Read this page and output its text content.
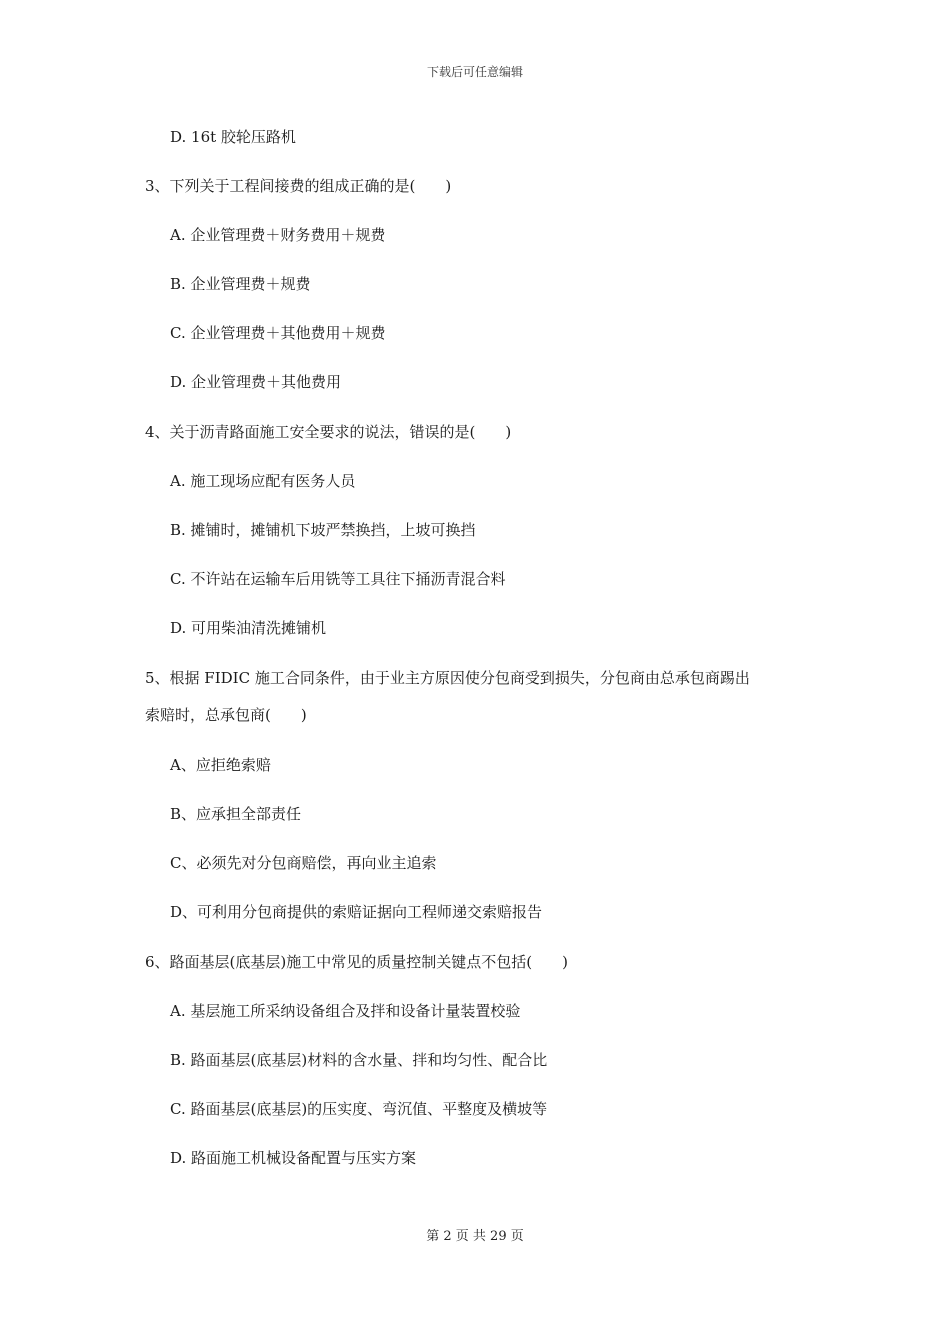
下载后可任意编辑
D. 16t 胶轮压路机
3、下列关于工程间接费的组成正确的是(　　)
A. 企业管理费＋财务费用＋规费
B. 企业管理费＋规费
C. 企业管理费＋其他费用＋规费
D. 企业管理费＋其他费用
4、关于沥青路面施工安全要求的说法，错误的是(　　)
A. 施工现场应配有医务人员
B. 摊铺时，摊铺机下坡严禁换挡，上坡可换挡
C. 不许站在运输车后用铣等工具往下捅沥青混合料
D. 可用柴油清洗摊铺机
5、根据 FIDIC 施工合同条件，由于业主方原因使分包商受到损失，分包商由总承包商踢出
索赔时，总承包商(　　)
A、应拒绝索赔
B、应承担全部责任
C、必须先对分包商赔偿，再向业主追索
D、可利用分包商提供的索赔证据向工程师递交索赔报告
6、路面基层(底基层)施工中常见的质量控制关键点不包括(　　)
A. 基层施工所采纳设备组合及拌和设备计量装置校验
B. 路面基层(底基层)材料的含水量、拌和均匀性、配合比
C. 路面基层(底基层)的压实度、弯沉值、平整度及横坡等
D. 路面施工机械设备配置与压实方案
第 2 页 共 29 页
